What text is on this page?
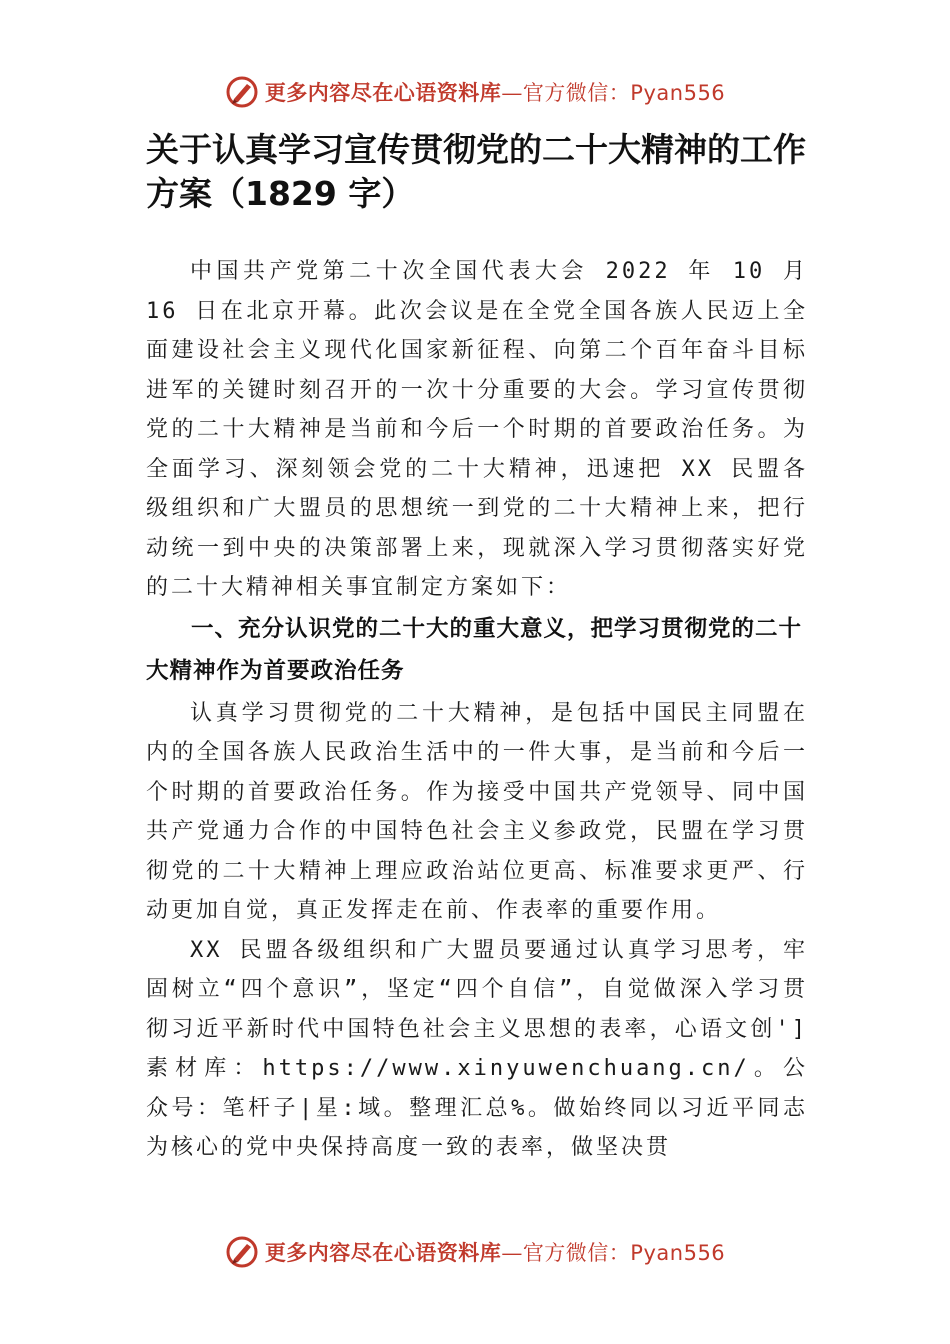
更多内容尽在心语资料库—官方微信：Pyan556
关于认真学习宣传贯彻党的二十大精神的工作方案（1829 字）

中国共产党第二十次全国代表大会 2022 年 10 月 16 日在北京开幕。此次会议是在全党全国各族人民迈上全面建设社会主义现代化国家新征程、向第二个百年奋斗目标进军的关键时刻召开的一次十分重要的大会。学习宣传贯彻党的二十大精神是当前和今后一个时期的首要政治任务。为全面学习、深刻领会党的二十大精神，迅速把 XX 民盟各级组织和广大盟员的思想统一到党的二十大精神上来，把行动统一到中央的决策部署上来，现就深入学习贯彻落实好党的二十大精神相关事宜制定方案如下：

一、充分认识党的二十大的重大意义，把学习贯彻党的二十大精神作为首要政治任务

认真学习贯彻党的二十大精神，是包括中国民主同盟在内的全国各族人民政治生活中的一件大事，是当前和今后一个时期的首要政治任务。作为接受中国共产党领导、同中国共产党通力合作的中国特色社会主义参政党，民盟在学习贯彻党的二十大精神上理应政治站位更高、标准要求更严、行动更加自觉，真正发挥走在前、作表率的重要作用。

XX 民盟各级组织和广大盟员要通过认真学习思考，牢固树立“四个意识”，坚定“四个自信”，自觉做深入学习贯彻习近平新时代中国特色社会主义思想的表率，心语文创']素材库：https://www.xinyuwenchuang.cn/。公众号：笔杆子|星:域。整理汇总%。做始终同以习近平同志为核心的党中央保持高度一致的表率，做坚决贯

更多内容尽在心语资料库—官方微信：Pyan556
